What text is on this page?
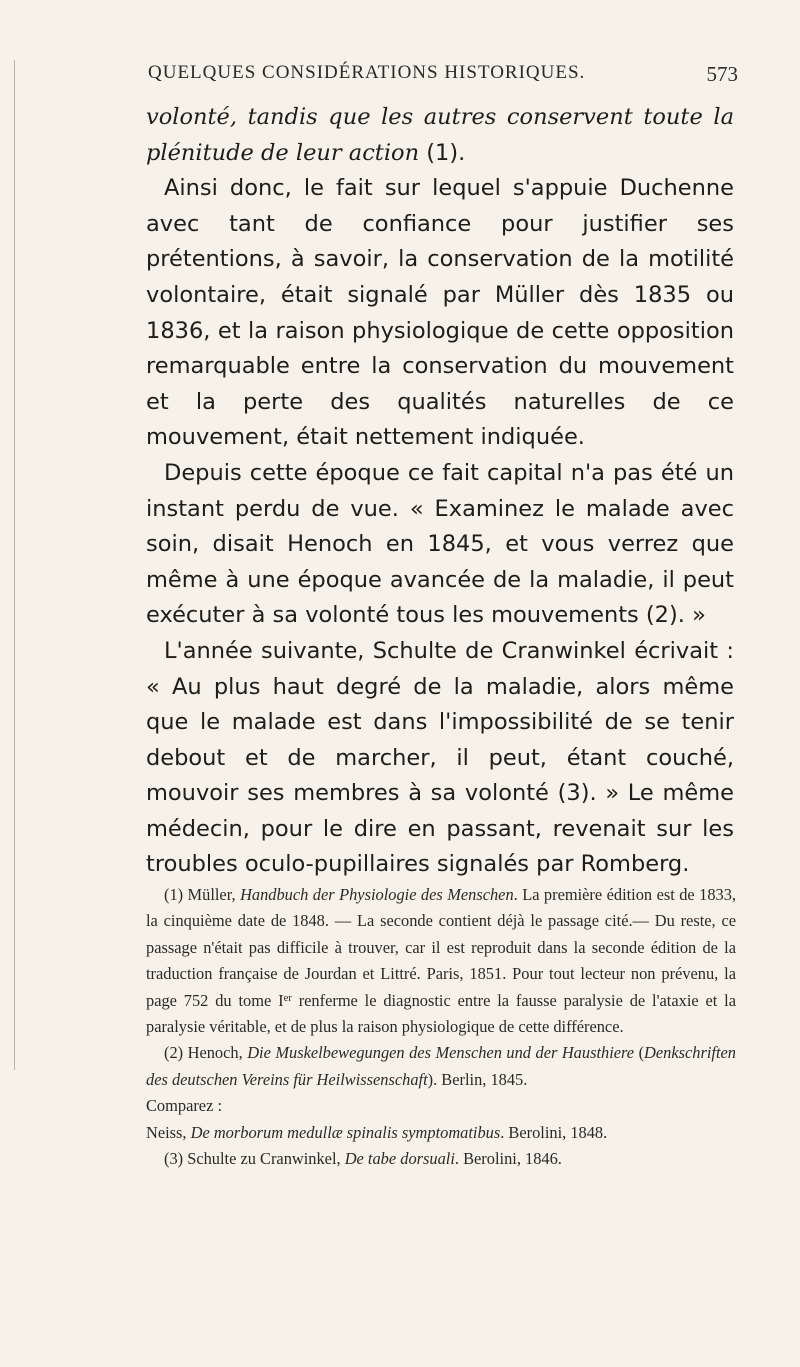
QUELQUES CONSIDÉRATIONS HISTORIQUES.	573

volonté, tandis que les autres conservent toute la plénitude de leur action (1).

Ainsi donc, le fait sur lequel s'appuie Duchenne avec tant de confiance pour justifier ses prétentions, à savoir, la conservation de la motilité volontaire, était signalé par Müller dès 1835 ou 1836, et la raison physiologique de cette opposition remarquable entre la conservation du mouvement et la perte des qualités naturelles de ce mouvement, était nettement indiquée.

Depuis cette époque ce fait capital n'a pas été un instant perdu de vue. « Examinez le malade avec soin, disait Henoch en 1845, et vous verrez que même à une époque avancée de la maladie, il peut exécuter à sa volonté tous les mouvements (2). »

L'année suivante, Schulte de Cranwinkel écrivait : « Au plus haut degré de la maladie, alors même que le malade est dans l'impossibilité de se tenir debout et de marcher, il peut, étant couché, mouvoir ses membres à sa volonté (3). » Le même médecin, pour le dire en passant, revenait sur les troubles oculo-pupillaires signalés par Romberg.

(1) Müller, Handbuch der Physiologie des Menschen. La première édition est de 1833, la cinquième date de 1848. — La seconde contient déjà le passage cité.— Du reste, ce passage n'était pas difficile à trouver, car il est reproduit dans la seconde édition de la traduction française de Jourdan et Littré. Paris, 1851. Pour tout lecteur non prévenu, la page 752 du tome Ier renferme le diagnostic entre la fausse paralysie de l'ataxie et la paralysie véritable, et de plus la raison physiologique de cette différence.

(2) Henoch, Die Muskelbewegungen des Menschen und der Hausthiere (Denkschriften des deutschen Vereins für Heilwissenschaft). Berlin, 1845.

Comparez :

Neiss, De morborum medullæ spinalis symptomatibus. Berolini, 1848.

(3) Schulte zu Cranwinkel, De tabe dorsuali. Berolini, 1846.
